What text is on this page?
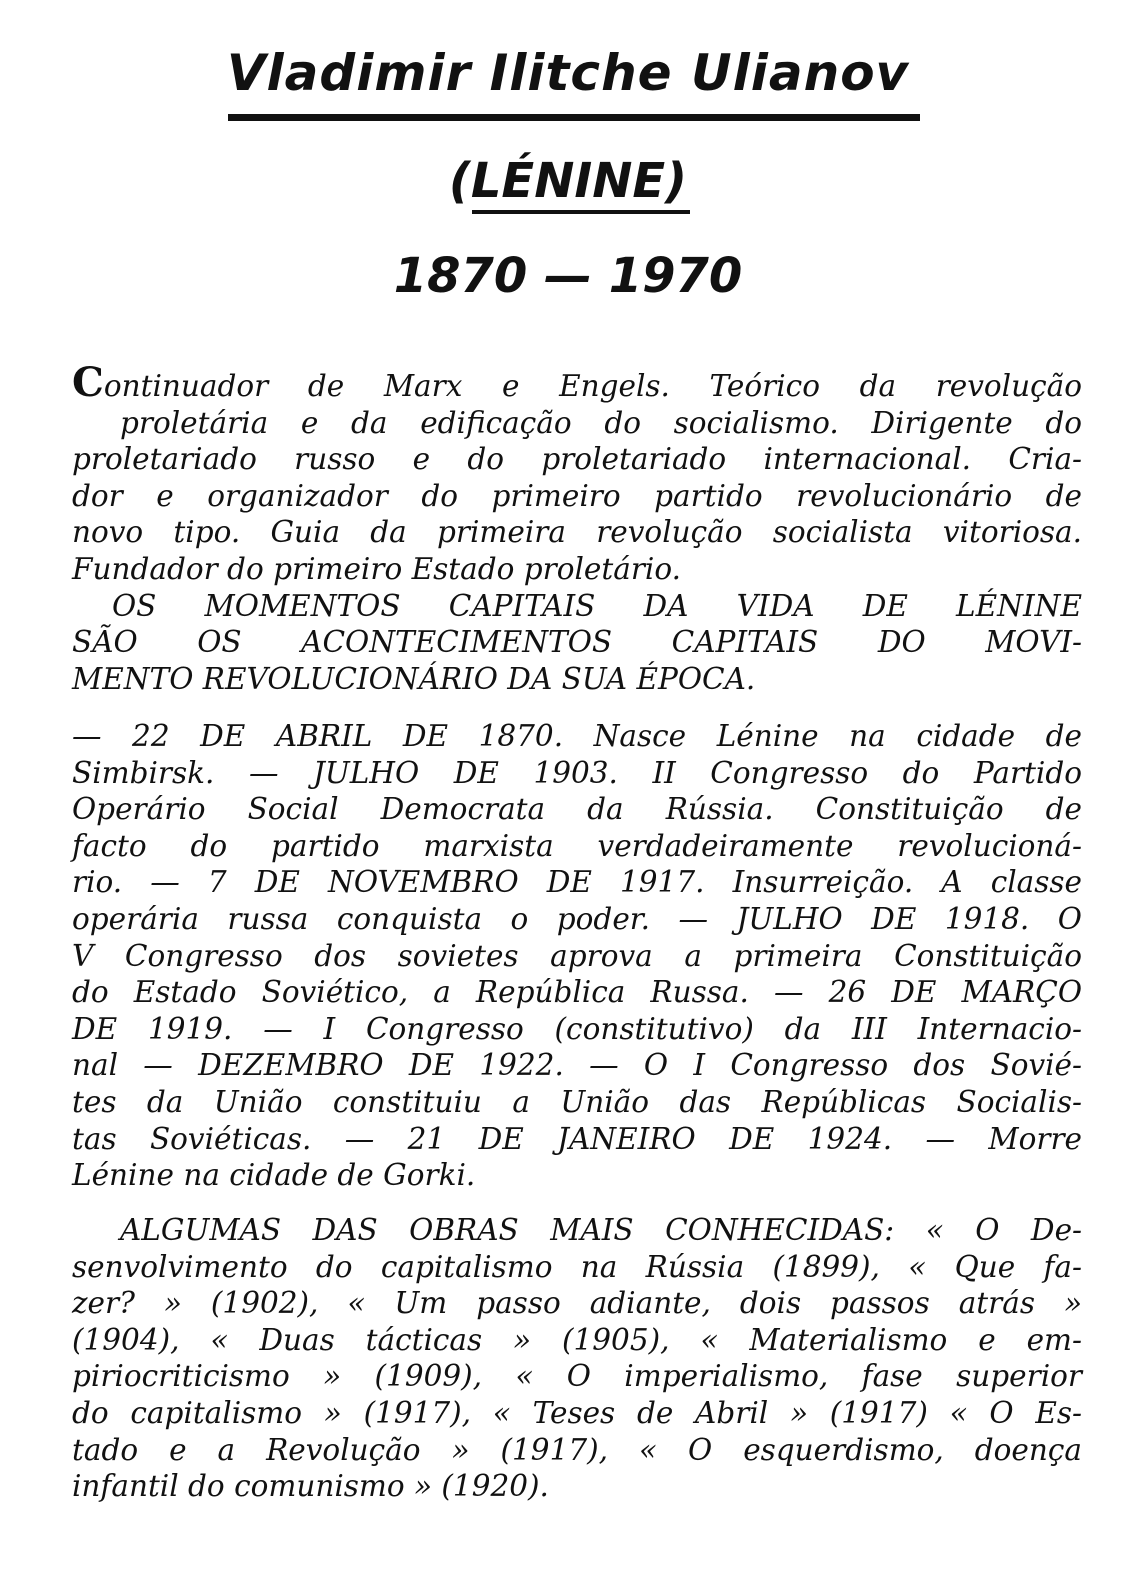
Vladimir Ilitche Ulianov
(LÉNINE)
1870 — 1970
Continuador de Marx e Engels. Teórico da revolução
proletária e da edificação do socialismo. Dirigente do
proletariado russo e do proletariado internacional. Cria-
dor e organizador do primeiro partido revolucionário de
novo tipo. Guia da primeira revolução socialista vitoriosa.
Fundador do primeiro Estado proletário.
OS MOMENTOS CAPITAIS DA VIDA DE LÉNINE
SÃO OS ACONTECIMENTOS CAPITAIS DO MOVI-
MENTO REVOLUCIONÁRIO DA SUA ÉPOCA.
— 22 DE ABRIL DE 1870. Nasce Lénine na cidade de
Simbirsk. — JULHO DE 1903. II Congresso do Partido
Operário Social Democrata da Rússia. Constituição de
facto do partido marxista verdadeiramente revolucioná-
rio. — 7 DE NOVEMBRO DE 1917. Insurreição. A classe
operária russa conquista o poder. — JULHO DE 1918. O
V Congresso dos sovietes aprova a primeira Constituição
do Estado Soviético, a República Russa. — 26 DE MARÇO
DE 1919. — I Congresso (constitutivo) da III Internacio-
nal — DEZEMBRO DE 1922. — O I Congresso dos Sovié-
tes da União constituiu a União das Repúblicas Socialis-
tas Soviéticas. — 21 DE JANEIRO DE 1924. — Morre
Lénine na cidade de Gorki.
ALGUMAS DAS OBRAS MAIS CONHECIDAS: « O De-
senvolvimento do capitalismo na Rússia (1899), « Que fa-
zer? » (1902), « Um passo adiante, dois passos atrás »
(1904), « Duas tácticas » (1905), « Materialismo e em-
piriocriticismo » (1909), « O imperialismo, fase superior
do capitalismo » (1917), « Teses de Abril » (1917) « O Es-
tado e a Revolução » (1917), « O esquerdismo, doença
infantil do comunismo » (1920).
